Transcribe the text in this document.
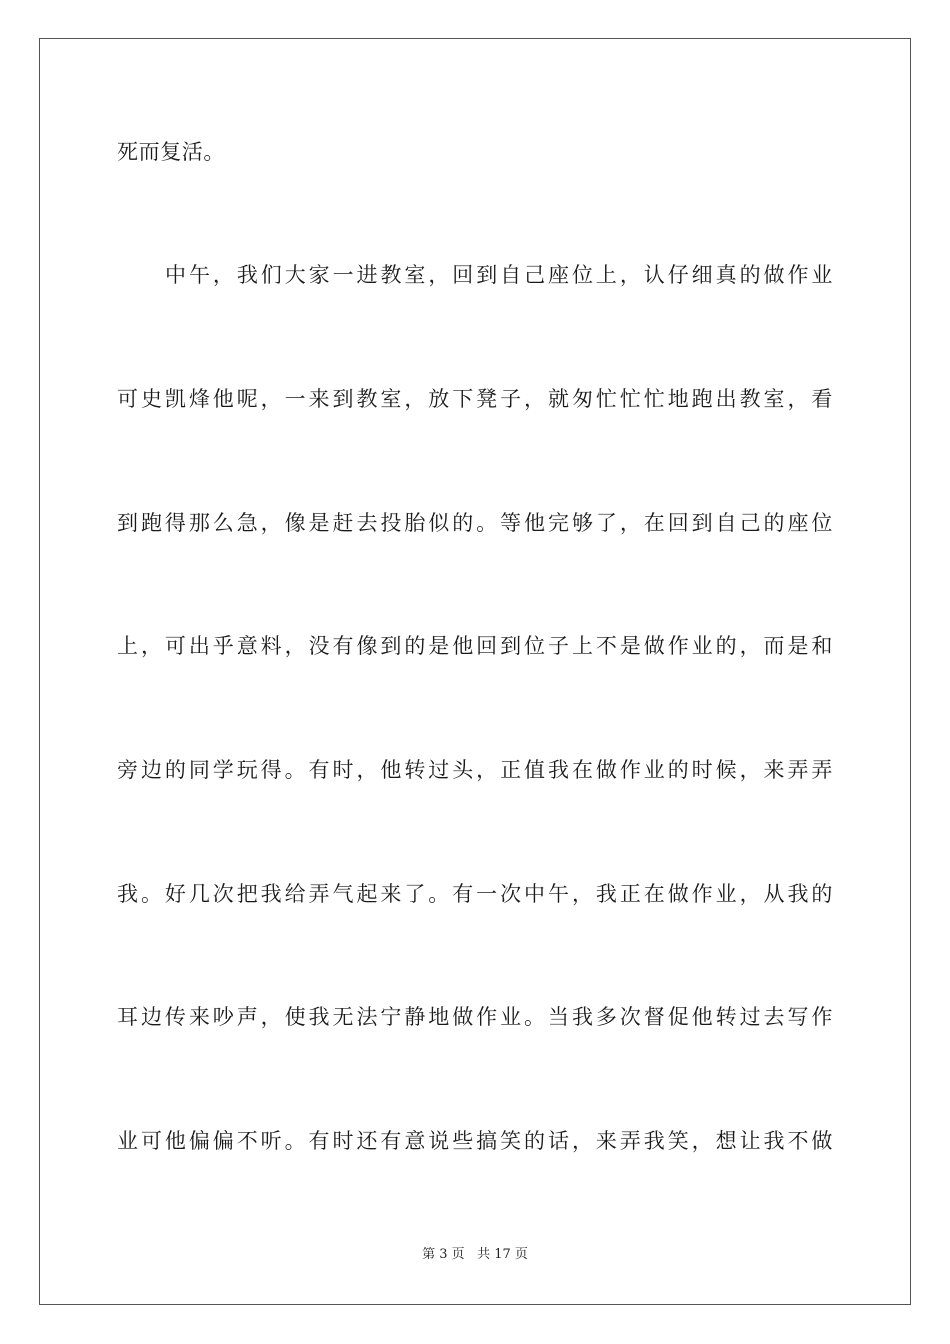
死而复活。
中午，我们大家一进教室，回到自己座位上，认仔细真的做作业
可史凯烽他呢，一来到教室，放下凳子，就匆忙忙忙地跑出教室，看
到跑得那么急，像是赶去投胎似的。等他完够了，在回到自己的座位
上，可出乎意料，没有像到的是他回到位子上不是做作业的，而是和
旁边的同学玩得。有时，他转过头，正值我在做作业的时候，来弄弄
我。好几次把我给弄气起来了。有一次中午，我正在做作业，从我的
耳边传来吵声，使我无法宁静地做作业。当我多次督促他转过去写作
业可他偏偏不听。有时还有意说些搞笑的话，来弄我笑，想让我不做
第 3 页 共 17 页
